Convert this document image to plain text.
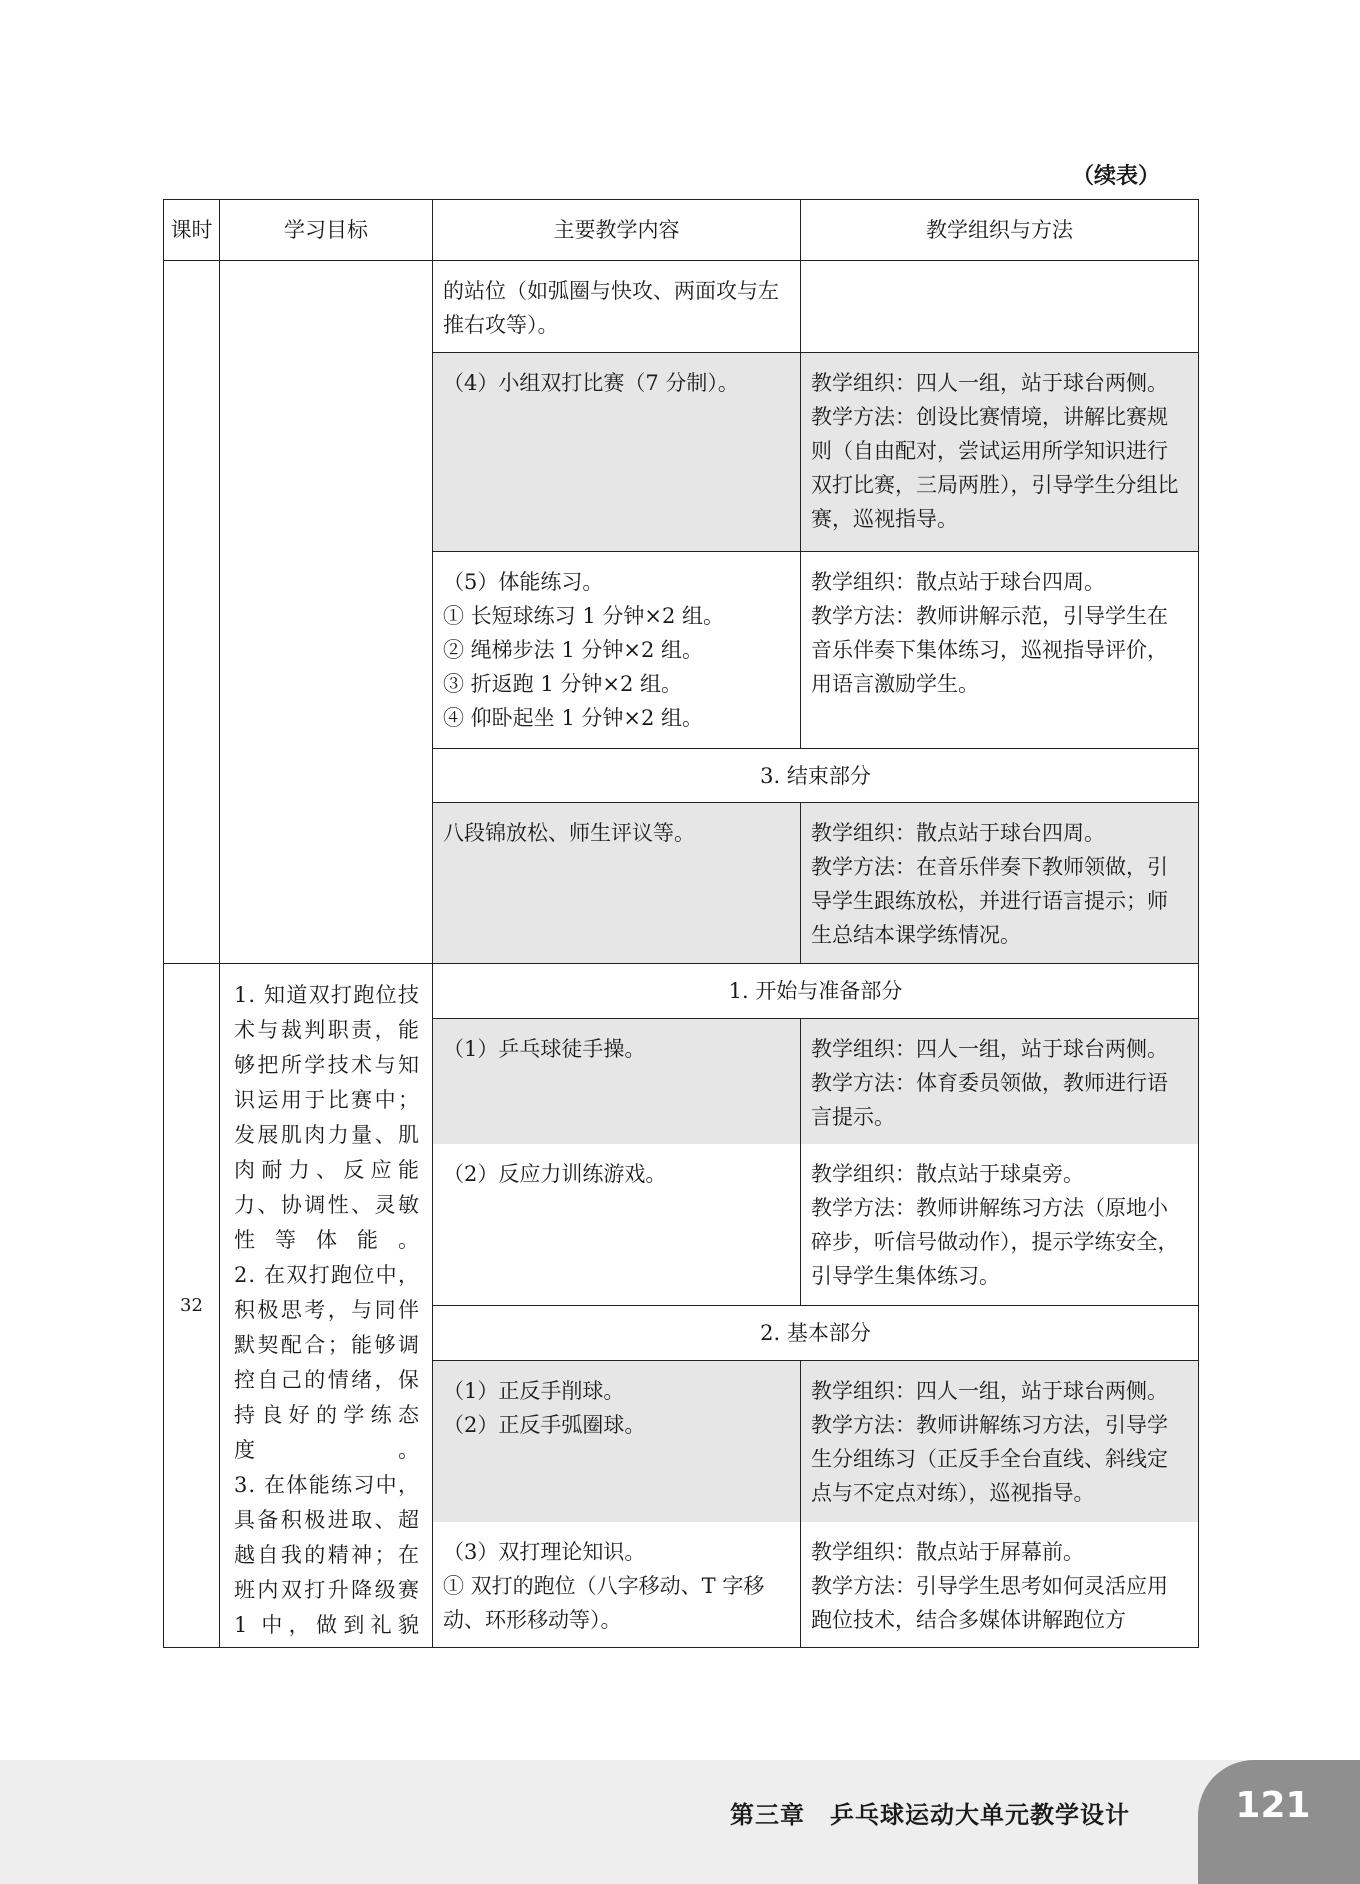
（续表）
课时	学习目标	主要教学内容	教学组织与方法

		的站位（如弧圈与快攻、两面攻与左推右攻等）。	

		（4）小组双打比赛（7 分制）。	教学组织：四人一组，站于球台两侧。
教学方法：创设比赛情境，讲解比赛规则（自由配对，尝试运用所学知识进行双打比赛，三局两胜），引导学生分组比赛，巡视指导。

		（5）体能练习。
① 长短球练习 1 分钟×2 组。
② 绳梯步法 1 分钟×2 组。
③ 折返跑 1 分钟×2 组。
④ 仰卧起坐 1 分钟×2 组。	教学组织：散点站于球台四周。
教学方法：教师讲解示范，引导学生在音乐伴奏下集体练习，巡视指导评价，用语言激励学生。

		3. 结束部分	

		八段锦放松、师生评议等。	教学组织：散点站于球台四周。
教学方法：在音乐伴奏下教师领做，引导学生跟练放松，并进行语言提示；师生总结本课学练情况。

32	1. 知道双打跑位技术与裁判职责，能够把所学技术与知识运用于比赛中；发展肌肉力量、肌肉耐力、反应能力、协调性、灵敏性等体能。
2. 在双打跑位中，积极思考，与同伴默契配合；能够调控自己的情绪，保持良好的学练态度。
3. 在体能练习中，具备积极进取、超越自我的精神；在班内双打升降级赛 1 中，做到礼貌	1. 开始与准备部分	

		（1）乒乓球徒手操。	教学组织：四人一组，站于球台两侧。
教学方法：体育委员领做，教师进行语言提示。

		（2）反应力训练游戏。	教学组织：散点站于球桌旁。
教学方法：教师讲解练习方法（原地小碎步，听信号做动作），提示学练安全，引导学生集体练习。

		2. 基本部分	

		（1）正反手削球。
（2）正反手弧圈球。	教学组织：四人一组，站于球台两侧。
教学方法：教师讲解练习方法，引导学生分组练习（正反手全台直线、斜线定点与不定点对练），巡视指导。

		（3）双打理论知识。
① 双打的跑位（八字移动、T 字移动、环形移动等）。	教学组织：散点站于屏幕前。
教学方法：引导学生思考如何灵活应用跑位技术，结合多媒体讲解跑位方
第三章　乒乓球运动大单元教学设计	121
